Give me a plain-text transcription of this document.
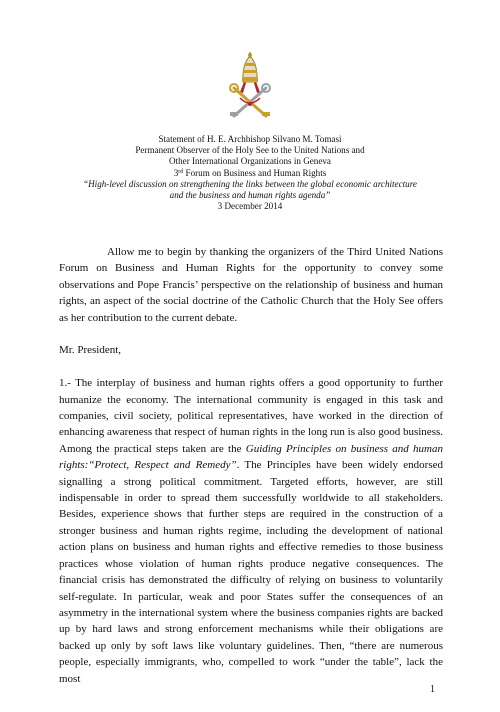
Statement of H. E. Archbishop Silvano M. Tomasi
Permanent Observer of the Holy See to the United Nations and
Other International Organizations in Geneva
3rd Forum on Business and Human Rights
“High-level discussion on strengthening the links between the global economic architecture
and the business and human rights agenda”
3 December 2014

Allow me to begin by thanking the organizers of the Third United Nations Forum on Business and Human Rights for the opportunity to convey some observations and Pope Francis’ perspective on the relationship of business and human rights, an aspect of the social doctrine of the Catholic Church that the Holy See offers as her contribution to the current debate.

Mr. President,

1.- The interplay of business and human rights offers a good opportunity to further humanize the economy. The international community is engaged in this task and companies, civil society, political representatives, have worked in the direction of enhancing awareness that respect of human rights in the long run is also good business. Among the practical steps taken are the Guiding Principles on business and human rights:“Protect, Respect and Remedy”. The Principles have been widely endorsed signalling a strong political commitment. Targeted efforts, however, are still indispensable in order to spread them successfully worldwide to all stakeholders. Besides, experience shows that further steps are required in the construction of a stronger business and human rights regime, including the development of national action plans on business and human rights and effective remedies to those business practices whose violation of human rights produce negative consequences. The financial crisis has demonstrated the difficulty of relying on business to voluntarily self-regulate. In particular, weak and poor States suffer the consequences of an asymmetry in the international system where the business companies rights are backed up by hard laws and strong enforcement mechanisms while their obligations are backed up only by soft laws like voluntary guidelines. Then, “there are numerous people, especially immigrants, who, compelled to work “under the table”, lack the most

1
